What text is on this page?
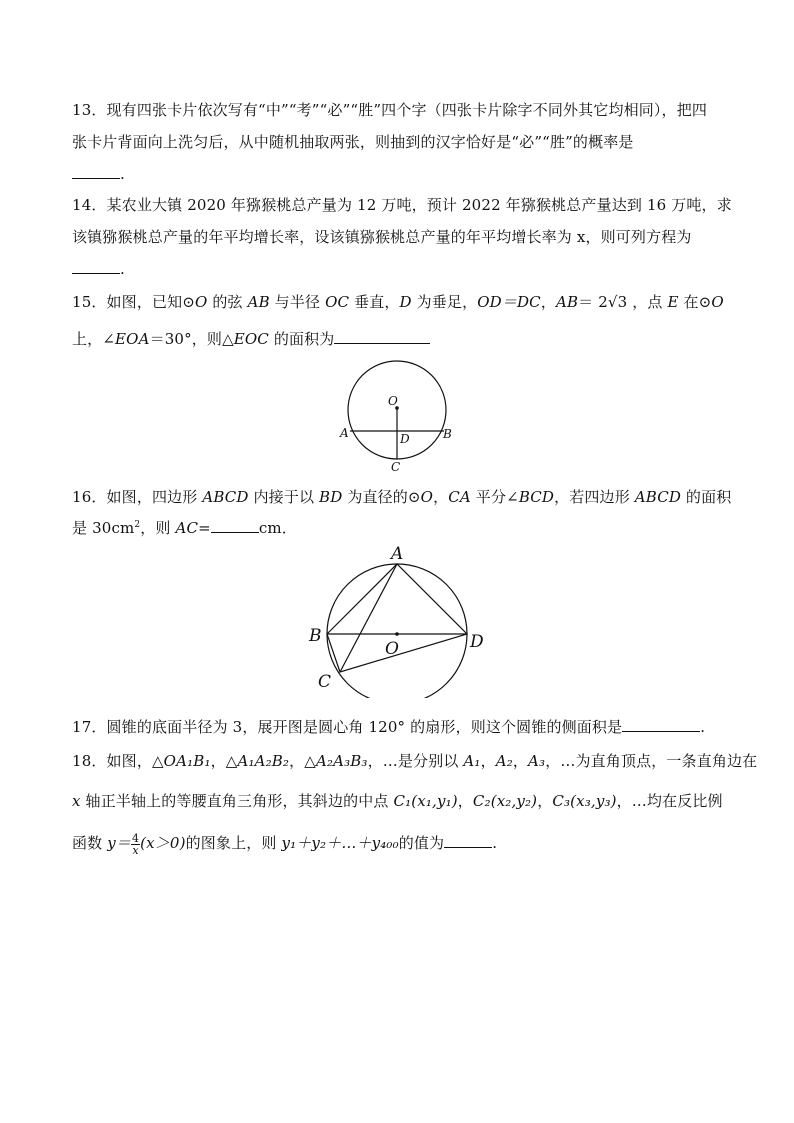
13．现有四张卡片依次写有“中”“考”“必”“胜”四个字（四张卡片除字不同外其它均相同），把四
张卡片背面向上洗匀后，从中随机抽取两张，则抽到的汉字恰好是“必”“胜”的概率是
.
14．某农业大镇 2020 年猕猴桃总产量为 12 万吨，预计 2022 年猕猴桃总产量达到 16 万吨，求
该镇猕猴桃总产量的年平均增长率，设该镇猕猴桃总产量的年平均增长率为 x，则可列方程为
.
15．如图，已知⊙O 的弦 AB 与半径 OC 垂直，D 为垂足，OD＝DC，AB＝ 2√3 ，点 E 在⊙O
上，∠EOA＝30°，则△EOC 的面积为
O
A	B
D
C
16．如图，四边形 ABCD 内接于以 BD 为直径的⊙O，CA 平分∠BCD，若四边形 ABCD 的面积
是 $30cm^2$，则 AC=	cm．
A
B
O	D
C
17．圆锥的底面半径为 3，展开图是圆心角 120° 的扇形，则这个圆锥的侧面积是	.
18．如图，△OA₁B₁，△A₁A₂B₂，△A₂A₃B₃，…是分别以 A₁，A₂，A₃，…为直角顶点，一条直角边在
x 轴正半轴上的等腰直角三角形，其斜边的中点 C₁(x₁,y₁)，C₂(x₂,y₂)，C₃(x₃,y₃)，…均在反比例
函数 $y= \frac{4}{x} (x>0)$的图象上，则 y₁＋y₂＋…＋y₄₀₀的值为	.
